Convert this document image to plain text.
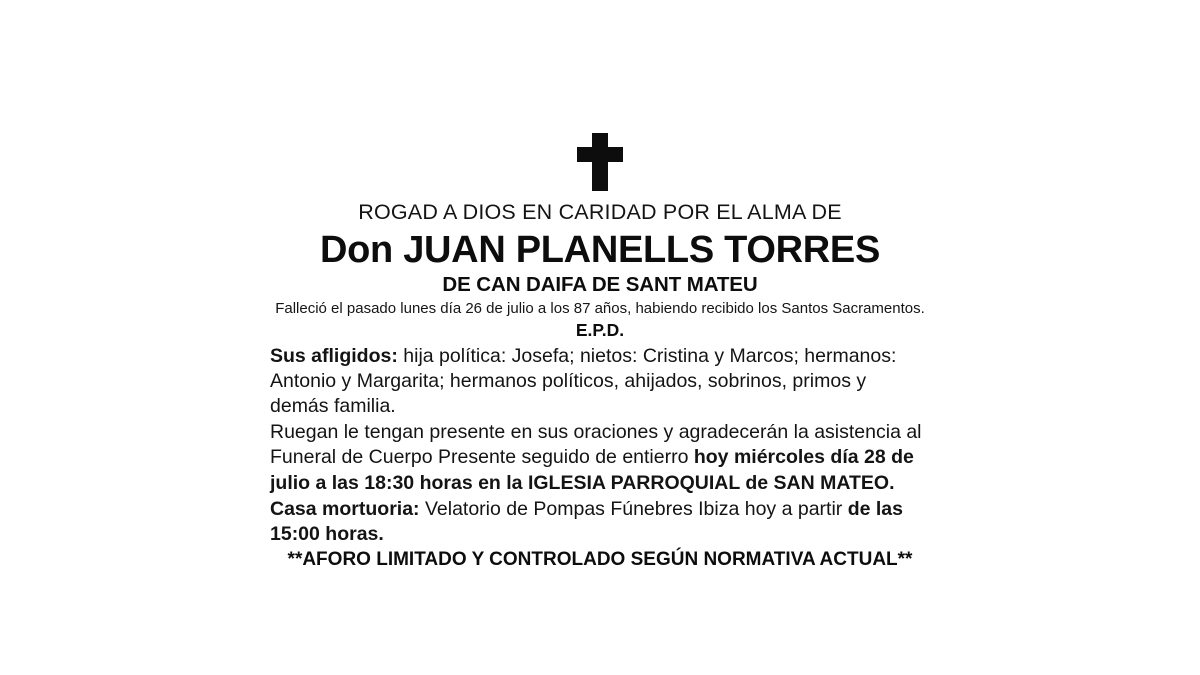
ROGAD A DIOS EN CARIDAD POR EL ALMA DE
Don JUAN PLANELLS TORRES
DE CAN DAIFA DE SANT MATEU
Falleció el pasado lunes día 26 de julio a los 87 años, habiendo recibido los Santos Sacramentos.
E.P.D.

Sus afligidos: hija política: Josefa; nietos: Cristina y Marcos; hermanos: Antonio y Margarita; hermanos políticos, ahijados, sobrinos, primos y demás familia.

Ruegan le tengan presente en sus oraciones y agradecerán la asistencia al Funeral de Cuerpo Presente seguido de entierro hoy miércoles día 28 de julio a las 18:30 horas en la IGLESIA PARROQUIAL de SAN MATEO.

Casa mortuoria: Velatorio de Pompas Fúnebres Ibiza hoy a partir de las 15:00 horas.

**AFORO LIMITADO Y CONTROLADO SEGÚN NORMATIVA ACTUAL**
